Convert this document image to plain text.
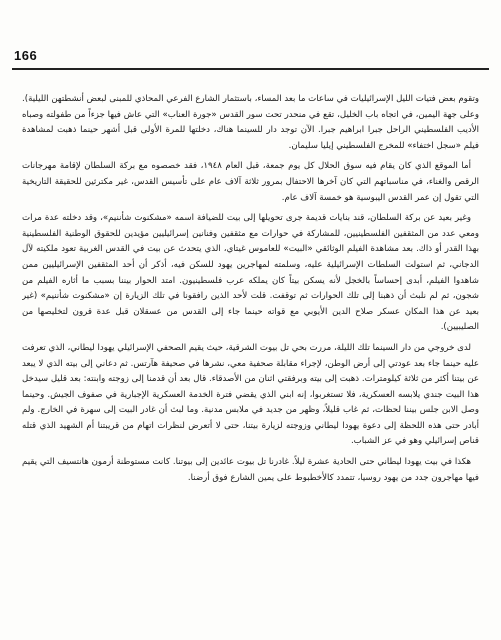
166

وتقوم بعض فتيات الليل الإسرائيليات في ساعات ما بعد المساء، باستثمار الشارع الفرعي المحاذي للمبنى لبعض أنشطتهن الليلية). وعلى جهة اليمين، في اتجاه باب الخليل، تقع في منحدر تحت سور القدس «جورة العناب» التي عاش فيها جزءاً من طفولته وصباه الأديب الفلسطيني الراحل جبرا ابراهيم جبرا. الآن توجد دار للسينما هناك، دخلتها للمرة الأولى قبل أشهر حينما ذهبت لمشاهدة فيلم «سجل اختفاء» للمخرج الفلسطيني إيليا سليمان.

أما الموقع الذي كان يقام فيه سوق الحلال كل يوم جمعة، قبل العام ١٩٤٨، فقد خصصوه مع بركة السلطان لإقامة مهرجانات الرقص والغناء، في مناسباتهم التي كان آخرها الاحتفال بمرور ثلاثة آلاف عام على تأسيس القدس، غير مكترثين للحقيقة التاريخية التي تقول إن عمر القدس اليبوسية هو خمسة آلاف عام.

وغير بعيد عن بركة السلطان، قند بنايات قديمة جرى تحويلها إلى بيت للضيافة اسمه «مشكنوت شأننيم»، وقد دخلته عدة مرات ومعي عدد من المثقفين الفلسطينيين، للمشاركة في حوارات مع مثقفين وفنانين إسرائيليين مؤيدين للحقوق الوطنية الفلسطينية بهذا القدر أو ذاك. بعد مشاهدة الفيلم الوثائقي «البيت» للعاموس غيتاي، الذي يتحدث عن بيت في القدس الغربية تعود ملكيته لآل الدجاني، ثم استولت السلطات الإسرائيلية عليه، وسلمته لمهاجرين يهود للسكن فيه، أذكر أن أحد المثقفين الإسرائيليين ممن شاهدوا الفيلم، أبدى إحساساً بالخجل لأنه يسكن بيتاً كان يملكه عرب فلسطينيون. امتد الحوار بيننا بسبب ما أثاره الفيلم من شجون، ثم لم نلبث أن ذهبنا إلى تلك الحوارات ثم توقفت. قلت لأحد الذين رافقونا في تلك الزيارة إن «مشكنوت شأننيم» (غير بعيد عن هذا المكان عسكر صلاح الدين الأيوبي مع قواته حينما جاء إلى القدس من عسقلان قبل عدة قرون لتخليصها من الصليبيين).

لدى خروجي من دار السينما تلك الليلة، مررت بحي تل بيوت الشرقية، حيث يقيم الصحفي الإسرائيلي يهودا ليطاني، الذي تعرفت عليه حينما جاء بعد عودتي إلى أرض الوطن، لإجراء مقابلة صحفية معي، نشرها في صحيفة هآرتس. ثم دعاني إلى بيته الذي لا يبعد عن بيتنا أكثر من ثلاثة كيلومترات. ذهبت إلى بيته وبرفقتي اثنان من الأصدقاء. قال بعد أن قدمنا إلى زوجته وابنته: بعد قليل سيدخل هذا البيت جندي يلابسه العسكرية، فلا تستغربوا، إنه ابني الذي يقضي فترة الخدمة العسكرية الإجبارية في صفوف الجيش. وحينما وصل الابن جلس بيننا لحظات، ثم غاب قليلاً، وظهر من جديد في ملابس مدنية. وما لبث أن غادر البيت إلى سهرة في الخارج. ولم أبادر حتى هذه اللحظة إلى دعوة يهودا ليطاني وزوجته لزيارة بيتنا، حتى لا أتعرض لنظرات اتهام من قريبتنا أم الشهيد الذي قتله قناص إسرائيلي وهو في عز الشباب.

هكذا في بيت يهودا ليطاني حتى الحادية عشرة ليلاً. غادرنا تل بيوت عائدين إلى بيوتنا. كانت مستوطنة أرمون هانتسيف التي يقيم فيها مهاجرون جدد من يهود روسيا، تتمدد كالأخطبوط على يمين الشارع فوق أرضنا.
